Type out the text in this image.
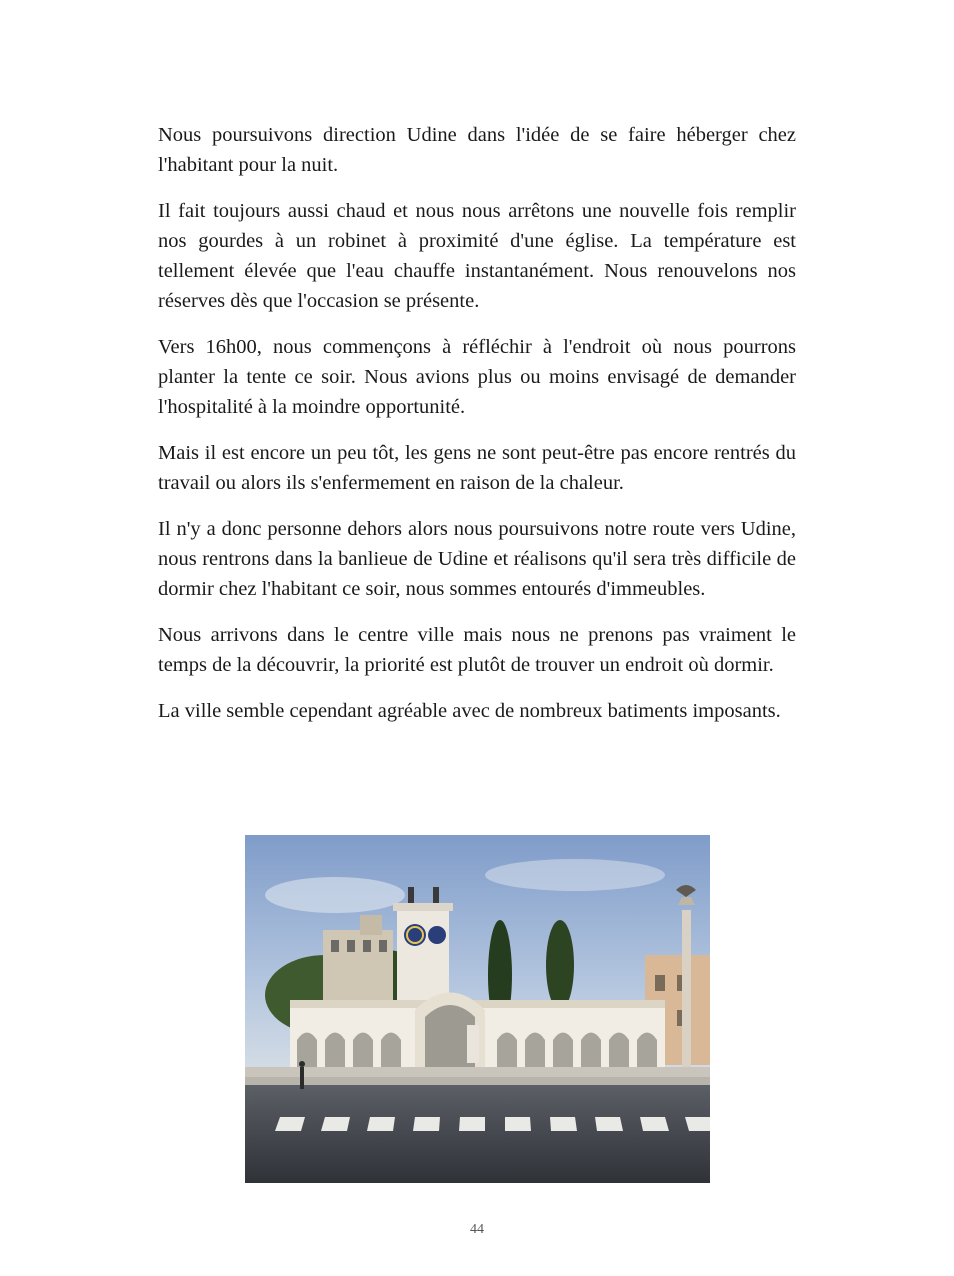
Nous poursuivons direction Udine dans l'idée de se faire héberger chez l'habitant pour la nuit.

Il fait toujours aussi chaud et nous nous arrêtons une nouvelle fois remplir nos gourdes à un robinet à proximité d'une église. La température est tellement élevée que l'eau chauffe instantanément. Nous renouvelons nos réserves dès que l'occasion se présente.

Vers 16h00, nous commençons à réfléchir à l'endroit où nous pourrons planter la tente ce soir. Nous avions plus ou moins envisagé de demander l'hospitalité à la moindre opportunité.

Mais il est encore un peu tôt, les gens ne sont peut-être pas encore rentrés du travail ou alors ils s'enfermement en raison de la chaleur.

Il n'y a donc personne dehors alors nous poursuivons notre route vers Udine, nous rentrons dans la banlieue de Udine et réalisons qu'il sera très difficile de dormir chez l'habitant ce soir, nous sommes entourés d'immeubles.

Nous arrivons dans le centre ville mais nous ne prenons pas vraiment le temps de la découvrir, la priorité est plutôt de trouver un endroit où dormir.

La ville semble cependant agréable avec de nombreux batiments imposants.

44
